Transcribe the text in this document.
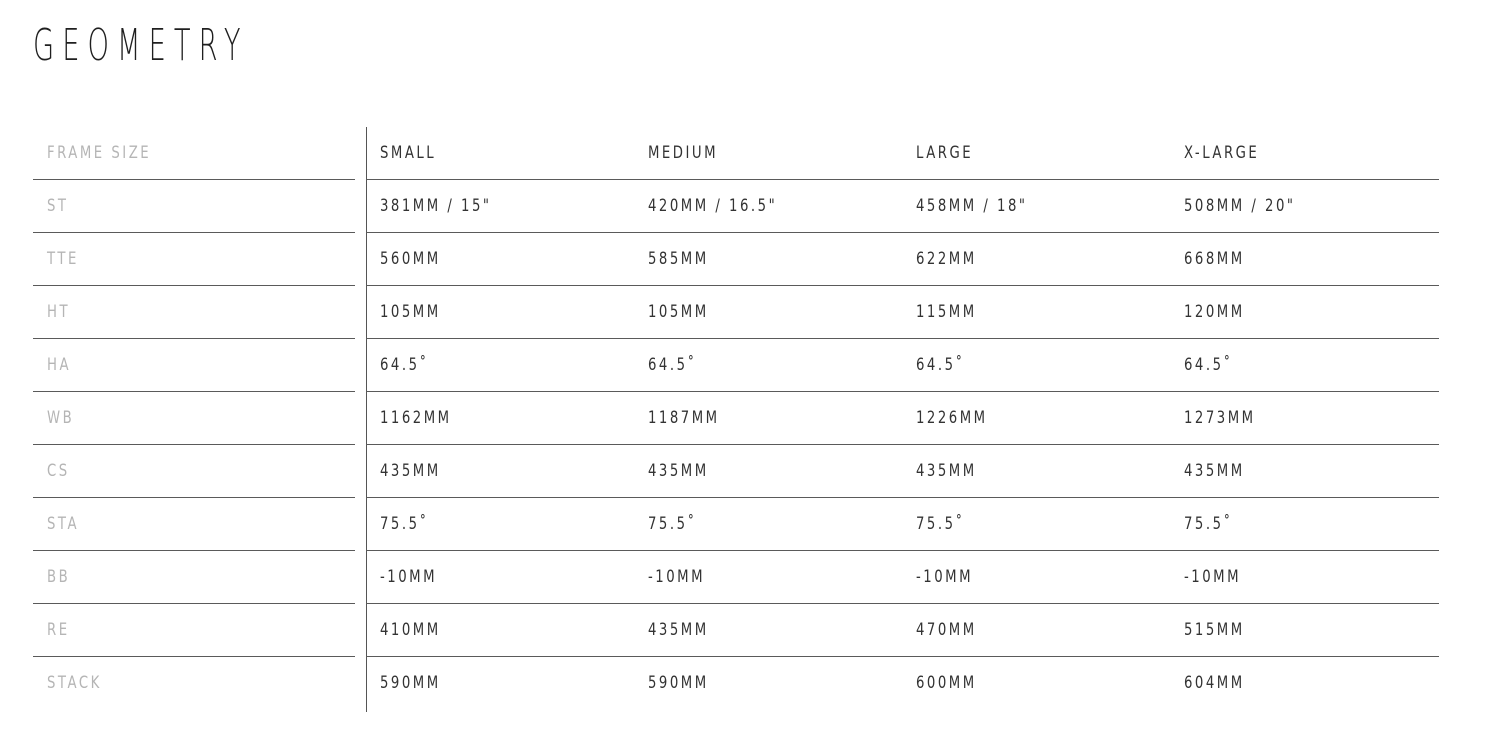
GEOMETRY
FRAME SIZE	SMALL	MEDIUM	LARGE	X-LARGE
ST	381MM / 15"	420MM / 16.5"	458MM / 18"	508MM / 20"
TTE	560MM	585MM	622MM	668MM
HT	105MM	105MM	115MM	120MM
HA	64.5˚	64.5˚	64.5˚	64.5˚
WB	1162MM	1187MM	1226MM	1273MM
CS	435MM	435MM	435MM	435MM
STA	75.5˚	75.5˚	75.5˚	75.5˚
BB	-10MM	-10MM	-10MM	-10MM
RE	410MM	435MM	470MM	515MM
STACK	590MM	590MM	600MM	604MM
